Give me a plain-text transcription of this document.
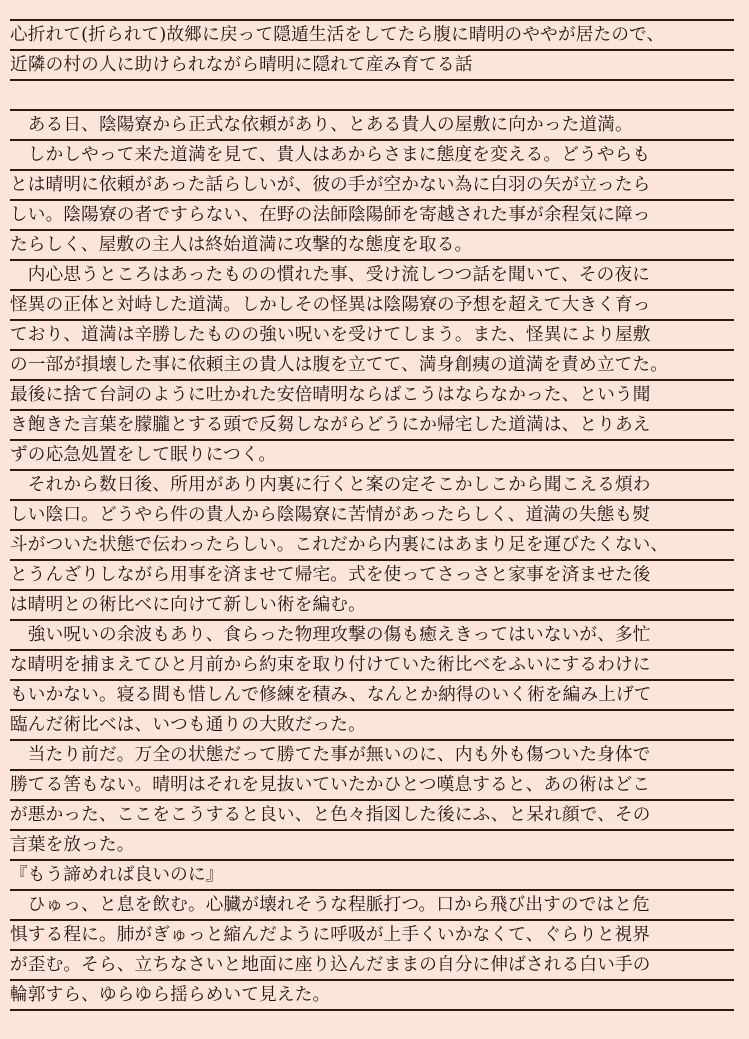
心折れて(折られて)故郷に戻って隠遁生活をしてたら腹に晴明のややが居たので、
近隣の村の人に助けられながら晴明に隠れて産み育てる話
　ある日、陰陽寮から正式な依頼があり、とある貴人の屋敷に向かった道満。
　しかしやって来た道満を見て、貴人はあからさまに態度を変える。どうやらも
とは晴明に依頼があった話らしいが、彼の手が空かない為に白羽の矢が立ったら
しい。陰陽寮の者ですらない、在野の法師陰陽師を寄越された事が余程気に障っ
たらしく、屋敷の主人は終始道満に攻撃的な態度を取る。
　内心思うところはあったものの慣れた事、受け流しつつ話を聞いて、その夜に
怪異の正体と対峙した道満。しかしその怪異は陰陽寮の予想を超えて大きく育っ
ており、道満は辛勝したものの強い呪いを受けてしまう。また、怪異により屋敷
の一部が損壊した事に依頼主の貴人は腹を立てて、満身創痍の道満を責め立てた。
最後に捨て台詞のように吐かれた安倍晴明ならばこうはならなかった、という聞
き飽きた言葉を朦朧とする頭で反芻しながらどうにか帰宅した道満は、とりあえ
ずの応急処置をして眠りにつく。
　それから数日後、所用があり内裏に行くと案の定そこかしこから聞こえる煩わ
しい陰口。どうやら件の貴人から陰陽寮に苦情があったらしく、道満の失態も熨
斗がついた状態で伝わったらしい。これだから内裏にはあまり足を運びたくない、
とうんざりしながら用事を済ませて帰宅。式を使ってさっさと家事を済ませた後
は晴明との術比べに向けて新しい術を編む。
　強い呪いの余波もあり、食らった物理攻撃の傷も癒えきってはいないが、多忙
な晴明を捕まえてひと月前から約束を取り付けていた術比べをふいにするわけに
もいかない。寝る間も惜しんで修練を積み、なんとか納得のいく術を編み上げて
臨んだ術比べは、いつも通りの大敗だった。
　当たり前だ。万全の状態だって勝てた事が無いのに、内も外も傷ついた身体で
勝てる筈もない。晴明はそれを見抜いていたかひとつ嘆息すると、あの術はどこ
が悪かった、ここをこうすると良い、と色々指図した後にふ、と呆れ顔で、その
言葉を放った。
『もう諦めれば良いのに』
　ひゅっ、と息を飲む。心臓が壊れそうな程脈打つ。口から飛び出すのではと危
惧する程に。肺がぎゅっと縮んだように呼吸が上手くいかなくて、ぐらりと視界
が歪む。そら、立ちなさいと地面に座り込んだままの自分に伸ばされる白い手の
輪郭すら、ゆらゆら揺らめいて見えた。
